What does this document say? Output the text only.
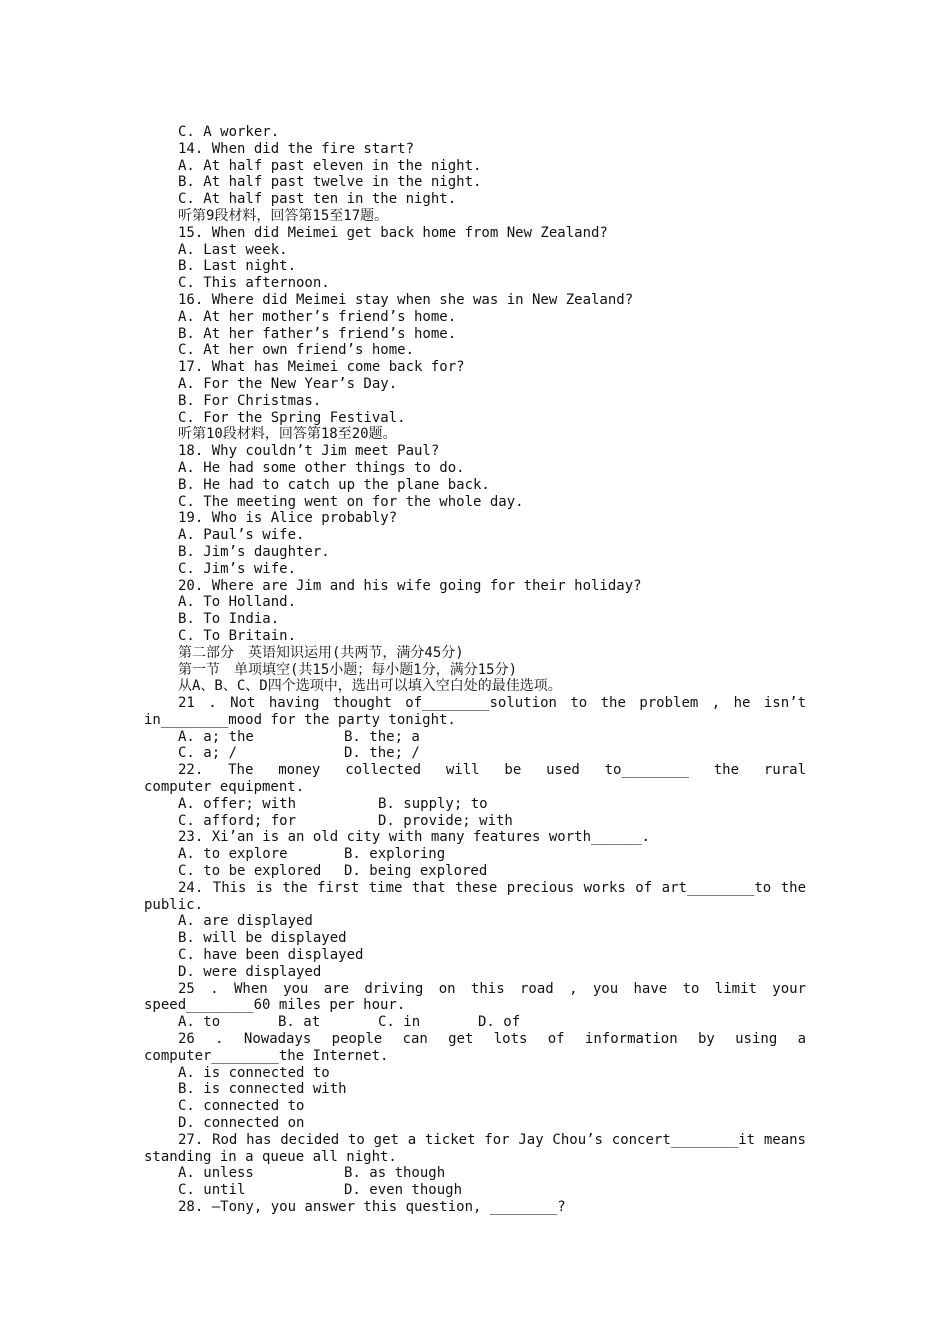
C. A worker.
14. When did the fire start?
A. At half past eleven in the night.
B. At half past twelve in the night.
C. At half past ten in the night.
听第9段材料，回答第15至17题。
15. When did Meimei get back home from New Zealand?
A. Last week.
B. Last night.
C. This afternoon.
16. Where did Meimei stay when she was in New Zealand?
A. At her mother’s friend’s home.
B. At her father’s friend’s home.
C. At her own friend’s home.
17. What has Meimei come back for?
A. For the New Year’s Day.
B. For Christmas.
C. For the Spring Festival.
听第10段材料，回答第18至20题。
18. Why couldn’t Jim meet Paul?
A. He had some other things to do.
B. He had to catch up the plane back.
C. The meeting went on for the whole day.
19. Who is Alice probably?
A. Paul’s wife.
B. Jim’s daughter.
C. Jim’s wife.
20. Where are Jim and his wife going for their holiday?
A. To Holland.
B. To India.
C. To Britain.
第二部分　英语知识运用(共两节，满分45分)
第一节　单项填空(共15小题；每小题1分，满分15分)
从A、B、C、D四个选项中，选出可以填入空白处的最佳选项。
21 . Not having thought of________solution to the problem , he isn’t
in________mood for the party tonight.
A. a; the	B. the; a
C. a; /	D. the; /
22. The money collected will be used to________ the rural
computer equipment.
A. offer; with	B. supply; to
C. afford; for	D. provide; with
23. Xi’an is an old city with many features worth______.
A. to explore	B. exploring
C. to be explored D. being explored
24. This is the first time that these precious works of art________to the
public.
A. are displayed
B. will be displayed
C. have been displayed
D. were displayed
25 . When you are driving on this road , you have to limit your
speed________60 miles per hour.
A. to	B. at	C. in	D. of
26 . Nowadays people can get lots of information by using a
computer________the Internet.
A. is connected to
B. is connected with
C. connected to
D. connected on
27. Rod has decided to get a ticket for Jay Chou’s concert________it means
standing in a queue all night.
A. unless	B. as though
C. until	D. even though
28. —Tony, you answer this question, ________?
